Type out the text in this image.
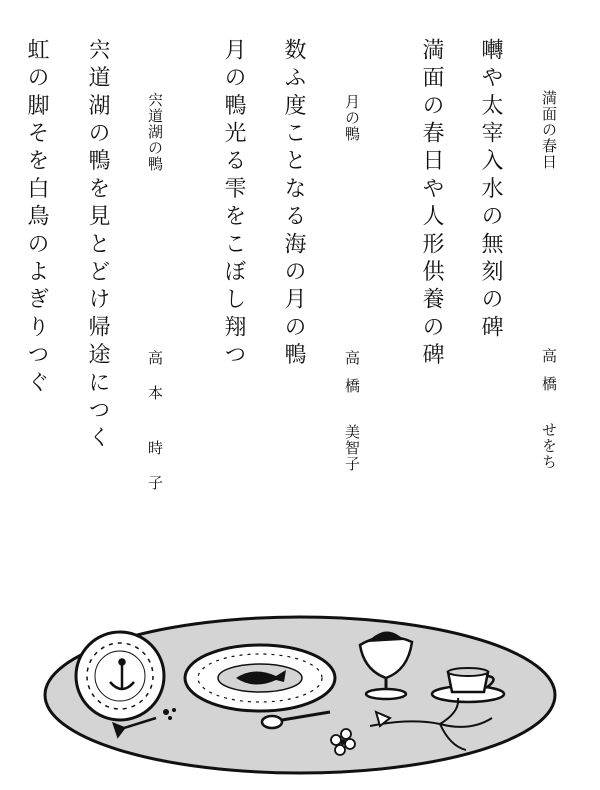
満面の春日
囀や太宰入水の無刻の碑
満面の春日や人形供養の碑
高橋せをち
月の鴨
数ふ度ことなる海の月の鴨
月の鴨光る雫をこぼし翔つ
高橋美智子
宍道湖の鴨
宍道湖の鴨を見とどけ帰途につく
虹の脚そを白鳥のよぎりつぐ	高本時子
